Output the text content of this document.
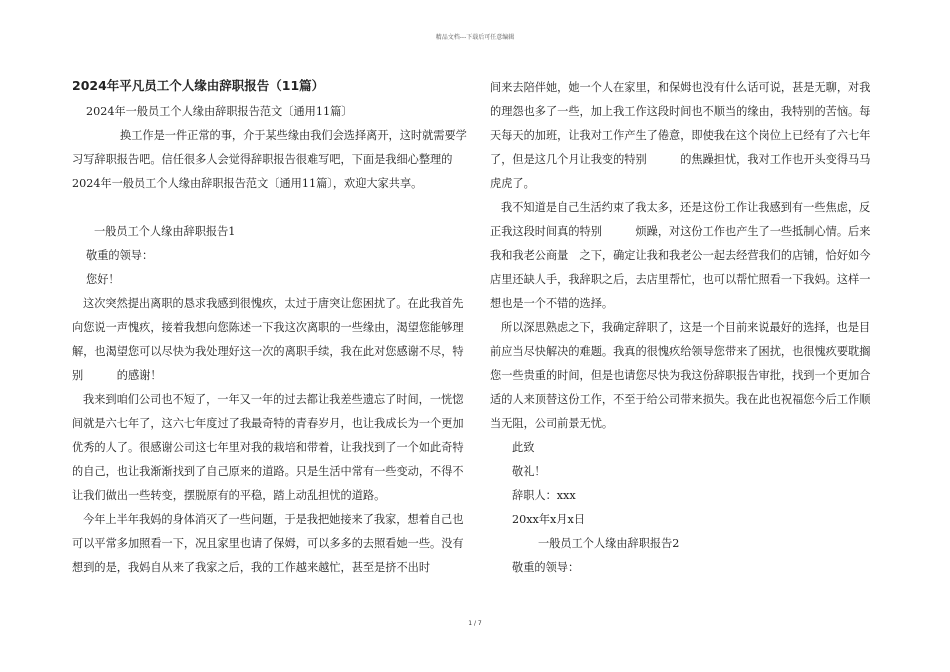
精品文档---下载后可任意编辑
2024年平凡员工个人缘由辞职报告（11篇）

2024年一般员工个人缘由辞职报告范文〔通用11篇〕

换工作是一件正常的事，介于某些缘由我们会选择离开，这时就需要学习写辞职报告吧。信任很多人会觉得辞职报告很难写吧，下面是我细心整理的2024年一般员工个人缘由辞职报告范文〔通用11篇〕，欢迎大家共享。

一般员工个人缘由辞职报告1

敬重的领导：

您好！

这次突然提出离职的恳求我感到很愧疚，太过于唐突让您困扰了。在此我首先向您说一声愧疚，接着我想向您陈述一下我这次离职的一些缘由，渴望您能够理解，也渴望您可以尽快为我处理好这一次的离职手续，我在此对您感谢不尽，特别　　　的感谢！

我来到咱们公司也不短了，一年又一年的过去都让我差些遗忘了时间，一恍惚间就是六七年了，这六七年度过了我最奇特的青春岁月，也让我成长为一个更加优秀的人了。很感谢公司这七年里对我的栽培和带着，让我找到了一个如此奇特的自己，也让我渐渐找到了自己原来的道路。只是生活中常有一些变动，不得不让我们做出一些转变，摆脱原有的平稳，踏上动乱担忧的道路。

今年上半年我妈的身体消灭了一些问题，于是我把她接来了我家，想着自己也可以平常多加照看一下，况且家里也请了保姆，可以多多的去照看她一些。没有想到的是，我妈自从来了我家之后，我的工作越来越忙，甚至是挤不出时

间来去陪伴她，她一个人在家里，和保姆也没有什么话可说，甚是无聊，对我的理怨也多了一些，加上我工作这段时间也不顺当的缘由，我特别的苦恼。每天每天的加班，让我对工作产生了倦意，即使我在这个岗位上已经有了六七年了，但是这几个月让我变的特别　　　的焦躁担忧，我对工作也开头变得马马虎虎了。

我不知道是自己生活约束了我太多，还是这份工作让我感到有一些焦虑，反正我这段时间真的特别　　　烦躁，对这份工作也产生了一些抵制心情。后来我和我老公商量　之下，确定让我和我老公一起去经营我们的店铺，恰好如今店里还缺人手，我辞职之后，去店里帮忙，也可以帮忙照看一下我妈。这样一想也是一个不错的选择。

所以深思熟虑之下，我确定辞职了，这是一个目前来说最好的选择，也是目前应当尽快解决的难题。我真的很愧疚给领导您带来了困扰，也很愧疚要耽搁您一些贵重的时间，但是也请您尽快为我这份辞职报告审批，找到一个更加合适的人来顶替这份工作，不至于给公司带来损失。我在此也祝福您今后工作顺当无阻，公司前景无忧。

此致

敬礼！

辞职人：xxx

20xx年x月x日

一般员工个人缘由辞职报告2

敬重的领导：

1 / 7
